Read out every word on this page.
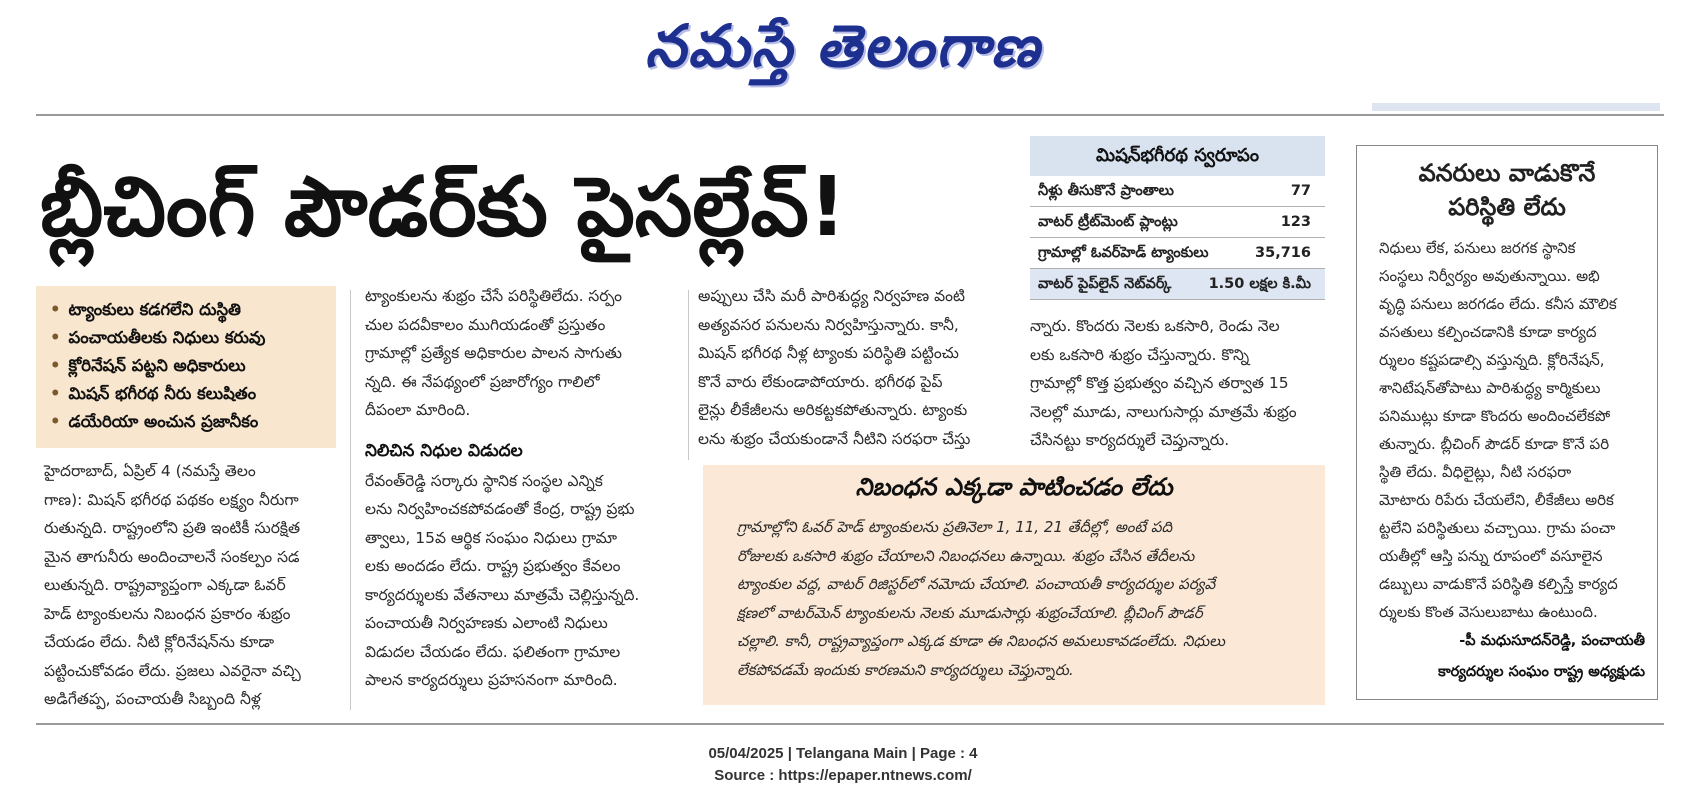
నమస్తే తెలంగాణ
బ్లీచింగ్ పౌడర్‌కు పైసల్లేవ్!
• ట్యాంకులు కడగలేని దుస్థితి
• పంచాయతీలకు నిధులు కరువు
• క్లోరినేషన్ పట్టని అధికారులు
• మిషన్ భగీరథ నీరు కలుషితం
• డయేరియా అంచున ప్రజానీకం
హైదరాబాద్, ఏప్రిల్ 4 (నమస్తే తెలం
గాణ): మిషన్ భగీరథ పథకం లక్ష్యం నీరుగా
రుతున్నది. రాష్ట్రంలోని ప్రతి ఇంటికీ సురక్షిత
మైన తాగునీరు అందించాలనే సంకల్పం సడ
లుతున్నది. రాష్ట్రవ్యాప్తంగా ఎక్కడా ఓవర్
హెడ్ ట్యాంకులను నిబంధన ప్రకారం శుభ్రం
చేయడం లేదు. నీటి క్లోరినేషన్‌ను కూడా
పట్టించుకోవడం లేదు. ప్రజలు ఎవరైనా వచ్చి
అడిగేతప్ప, పంచాయతీ సిబ్బంది నీళ్ల
ట్యాంకులను శుభ్రం చేసే పరిస్థితిలేదు. సర్పం
చుల పదవీకాలం ముగియడంతో ప్రస్తుతం
గ్రామాల్లో ప్రత్యేక అధికారుల పాలన సాగుతు
న్నది. ఈ నేపథ్యంలో ప్రజారోగ్యం గాలిలో
దీపంలా మారింది.
నిలిచిన నిధుల విడుదల
రేవంత్‌రెడ్డి సర్కారు స్థానిక సంస్థల ఎన్నిక
లను నిర్వహించకపోవడంతో కేంద్ర, రాష్ట్ర ప్రభు
త్వాలు, 15వ ఆర్థిక సంఘం నిధులు గ్రామా
లకు అందడం లేదు. రాష్ట్ర ప్రభుత్వం కేవలం
కార్యదర్శులకు వేతనాలు మాత్రమే చెల్లిస్తున్నది.
పంచాయతీ నిర్వహణకు ఎలాంటి నిధులు
విడుదల చేయడం లేదు. ఫలితంగా గ్రామాల
పాలన కార్యదర్శులు ప్రహసనంగా మారింది.
అప్పులు చేసి మరీ పారిశుద్ధ్య నిర్వహణ వంటి
అత్యవసర పనులను నిర్వహిస్తున్నారు. కానీ,
మిషన్ భగీరథ నీళ్ల ట్యాంకు పరిస్థితి పట్టించు
కొనే వారు లేకుండాపోయారు. భగీరథ పైప్
లైన్లు లీకేజీలను అరికట్టకపోతున్నారు. ట్యాంకు
లను శుభ్రం చేయకుండానే నీటిని సరఫరా చేస్తు
న్నారు. కొందరు నెలకు ఒకసారి, రెండు నెల
లకు ఒకసారి శుభ్రం చేస్తున్నారు. కొన్ని
గ్రామాల్లో కొత్త ప్రభుత్వం వచ్చిన తర్వాత 15
నెలల్లో మూడు, నాలుగుసార్లు మాత్రమే శుభ్రం
చేసినట్టు కార్యదర్శులే చెప్తున్నారు.
మిషన్‌భగీరథ స్వరూపం
నీళ్లు తీసుకొనే ప్రాంతాలు	77
వాటర్ ట్రీట్‌మెంట్ ప్లాంట్లు	123
గ్రామాల్లో ఓవర్‌హెడ్ ట్యాంకులు	35,716
వాటర్ పైప్‌లైన్ నెట్‌వర్క్	1.50 లక్షల కి.మీ
నిబంధన ఎక్కడా పాటించడం లేదు
గ్రామాల్లోని ఓవర్ హెడ్ ట్యాంకులను ప్రతినెలా 1, 11, 21 తేదీల్లో, అంటే పది
రోజులకు ఒకసారి శుభ్రం చేయాలని నిబంధనలు ఉన్నాయి. శుభ్రం చేసిన తేదీలను
ట్యాంకుల వద్ద, వాటర్ రిజిస్టర్‌లో నమోదు చేయాలి. పంచాయతీ కార్యదర్శుల పర్యవే
క్షణలో వాటర్‌మెన్ ట్యాంకులను నెలకు మూడుసార్లు శుభ్రంచేయాలి. బ్లీచింగ్ పౌడర్
చల్లాలి. కానీ, రాష్ట్రవ్యాప్తంగా ఎక్కడ కూడా ఈ నిబంధన అమలుకావడంలేదు. నిధులు
లేకపోవడమే ఇందుకు కారణమని కార్యదర్శులు చెప్తున్నారు.
వనరులు వాడుకొనే
పరిస్థితి లేదు
నిధులు లేక, పనులు జరగక స్థానిక
సంస్థలు నిర్వీర్యం అవుతున్నాయి. అభి
వృద్ధి పనులు జరగడం లేదు. కనీస మౌలిక
వసతులు కల్పించడానికి కూడా కార్యద
ర్శులం కష్టపడాల్సి వస్తున్నది. క్లోరినేషన్,
శానిటేషన్‌తోపాటు పారిశుద్ధ్య కార్మికులు
పనిముట్లు కూడా కొందరు అందించలేకపో
తున్నారు. బ్లీచింగ్ పౌడర్ కూడా కొనే పరి
స్థితి లేదు. వీధిలైట్లు, నీటి సరఫరా
మోటారు రిపేరు చేయలేని, లీకేజీలు అరిక
ట్టలేని పరిస్థితులు వచ్చాయి. గ్రామ పంచా
యతీల్లో ఆస్తి పన్ను రూపంలో వసూలైన
డబ్బులు వాడుకొనే పరిస్థితి కల్పిస్తే కార్యద
ర్శులకు కొంత వెసులుబాటు ఉంటుంది.
-పీ మధుసూదన్‌రెడ్డి, పంచాయతీ
కార్యదర్శుల సంఘం రాష్ట్ర అధ్యక్షుడు
05/04/2025 | Telangana Main | Page : 4
Source : https://epaper.ntnews.com/
